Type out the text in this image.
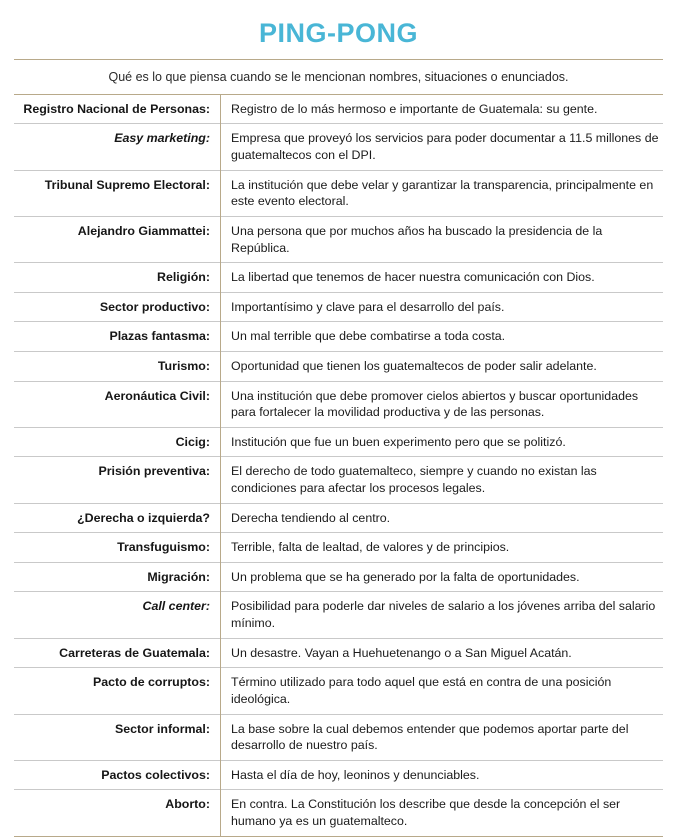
PING-PONG
Qué es lo que piensa cuando se le mencionan nombres, situaciones o enunciados.
Registro Nacional de Personas:	Registro de lo más hermoso e importante de Guatemala: su gente.
Easy marketing:	Empresa que proveyó los servicios para poder documentar a 11.5 millones de guatemaltecos con el DPI.
Tribunal Supremo Electoral:	La institución que debe velar y garantizar la transparencia, principalmente en este evento electoral.
Alejandro Giammattei:	Una persona que por muchos años ha buscado la presidencia de la República.
Religión:	La libertad que tenemos de hacer nuestra comunicación con Dios.
Sector productivo:	Importantísimo y clave para el desarrollo del país.
Plazas fantasma:	Un mal terrible que debe combatirse a toda costa.
Turismo:	Oportunidad que tienen los guatemaltecos de poder salir adelante.
Aeronáutica Civil:	Una institución que debe promover cielos abiertos y buscar oportunidades para fortalecer la movilidad productiva y de las personas.
Cicig:	Institución que fue un buen experimento pero que se politizó.
Prisión preventiva:	El derecho de todo guatemalteco, siempre y cuando no existan las condiciones para afectar los procesos legales.
¿Derecha o izquierda?	Derecha tendiendo al centro.
Transfuguismo:	Terrible, falta de lealtad, de valores y de principios.
Migración:	Un problema que se ha generado por la falta de oportunidades.
Call center:	Posibilidad para poderle dar niveles de salario a los jóvenes arriba del salario mínimo.
Carreteras de Guatemala:	Un desastre. Vayan a Huehuetenango o a San Miguel Acatán.
Pacto de corruptos:	Término utilizado para todo aquel que está en contra de una posición ideológica.
Sector informal:	La base sobre la cual debemos entender que podemos aportar parte del desarrollo de nuestro país.
Pactos colectivos:	Hasta el día de hoy, leoninos y denunciables.
Aborto:	En contra. La Constitución los describe que desde la concepción el ser humano ya es un guatemalteco.
